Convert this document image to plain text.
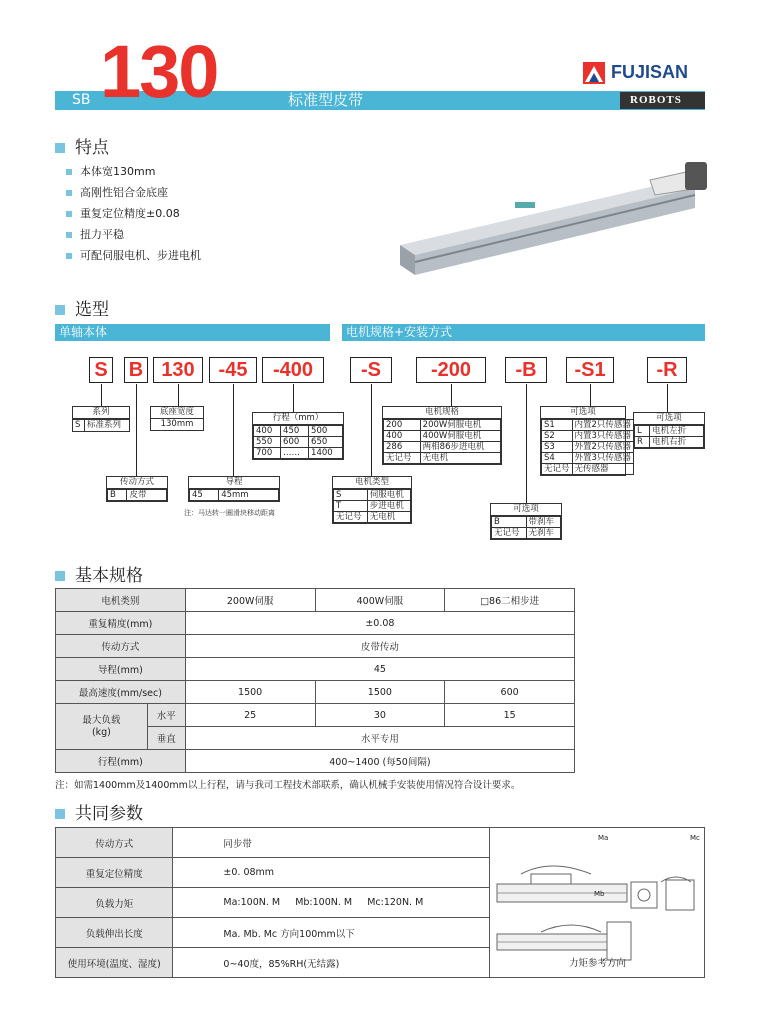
SB 130	标准型皮带
FUJISAN
ROBOTS
特点
本体宽130mm
高刚性铝合金底座
重复定位精度±0.08
扭力平稳
可配伺服电机、步进电机
选型
单轴本体	电机规格+安装方式
S B 130	-45	-400	-S	-200	-B	-S1	-R
系列
S	标准系列
底座宽度
130mm
行程（mm）
400	450	500
550	600	650
700	……	1400
传动方式
B	皮带
导程
45	45mm
注：马达转一圈滑块移动距离
电机规格
200	200W伺服电机
400	400W伺服电机
286	两相86步进电机
无记号	无电机
电机类型
S	伺服电机
T	步进电机
无记号	无电机
可选项
S1	内置2只传感器
S2	内置3只传感器
S3	外置2只传感器
S4	外置3只传感器
无记号	无传感器
可选项
L	电机左折
R	电机右折
可选项
B	带刹车
无记号	无刹车
基本规格
电机类别		200W伺服	400W伺服	□86二相步进
重复精度(mm)		±0.08		
传动方式		皮带传动		
导程(mm)		45		
最高速度(mm/sec)		1500	1500	600
最大负载
(kg)	水平	25	30	15
	垂直	水平专用		
行程(mm)		400~1400 (每50间隔)		
注：如需1400mm及1400mm以上行程，请与我司工程技术部联系，确认机械手安装使用情况符合设计要求。
共同参数
传动方式	同步带	Ma Mc
Mb

重复定位精度	±0. 08mm	
负载力矩	Ma:100N. M     Mb:100N. M     Mc:120N. M	
负载伸出长度	Ma. Mb. Mc 方向100mm以下	
使用环境(温度、湿度)	0~40度，85%RH(无结露)		力矩参考方向
